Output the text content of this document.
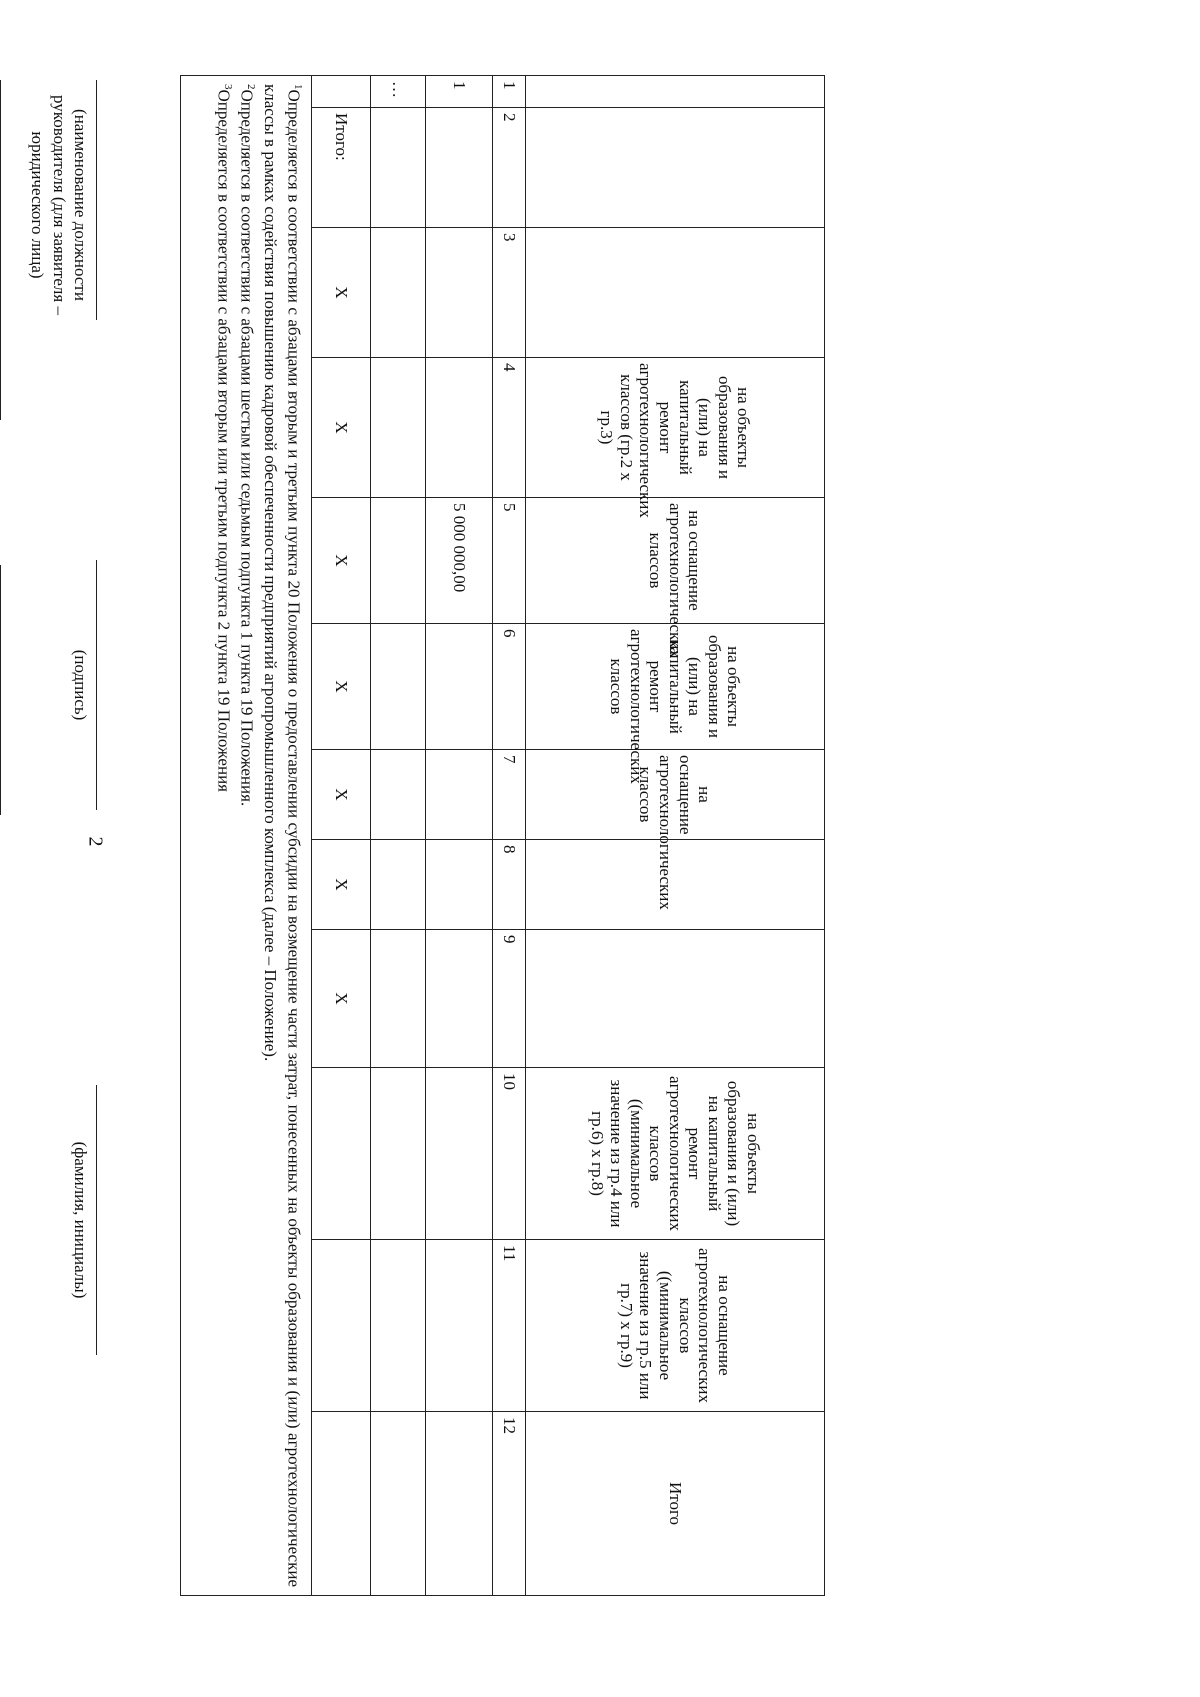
2
			на объекты образования и (или) на капитальный ремонт агротехнологических классов (гр.2 х гр.3)	на оснащение агротехнологических классов	на объекты образования и (или) на капитальный ремонт агротехнологических классов	на оснащение агротехнологических классов			на объекты образования и (или) на капитальный ремонт агротехнологических классов ((минимальное значение из гр.4 или гр.6) х гр.8)	на оснащение агротехнологических классов ((минимальное значение из гр.5 или гр.7) х гр.9)	Итого
1	2	3	4	5	6	7	8	9	10	11	12
1				5 000 000,00							
…											
	Итого:	X	X	X	X	X	X	X			

$^1$Определяется в соответствии с абзацами вторым и третьим пункта 20 Положения о предоставлении субсидии на возмещение части затрат, понесенных на объекты образования и (или) агротехнологические классы в рамках содействия повышению кадровой обеспеченности предприятий агропромышленного комплекса (далее – Положение).
$^2$Определяется в соответствии с абзацами шестым или седьмым подпункта 1 пункта 19 Положения.
$^3$Определяется в соответствии с абзацами вторым или третьим подпункта 2 пункта 19 Положения											
(наименование должности руководителя (для заявителя – юридического лица)
(подпись)
(фамилия, инициалы)
